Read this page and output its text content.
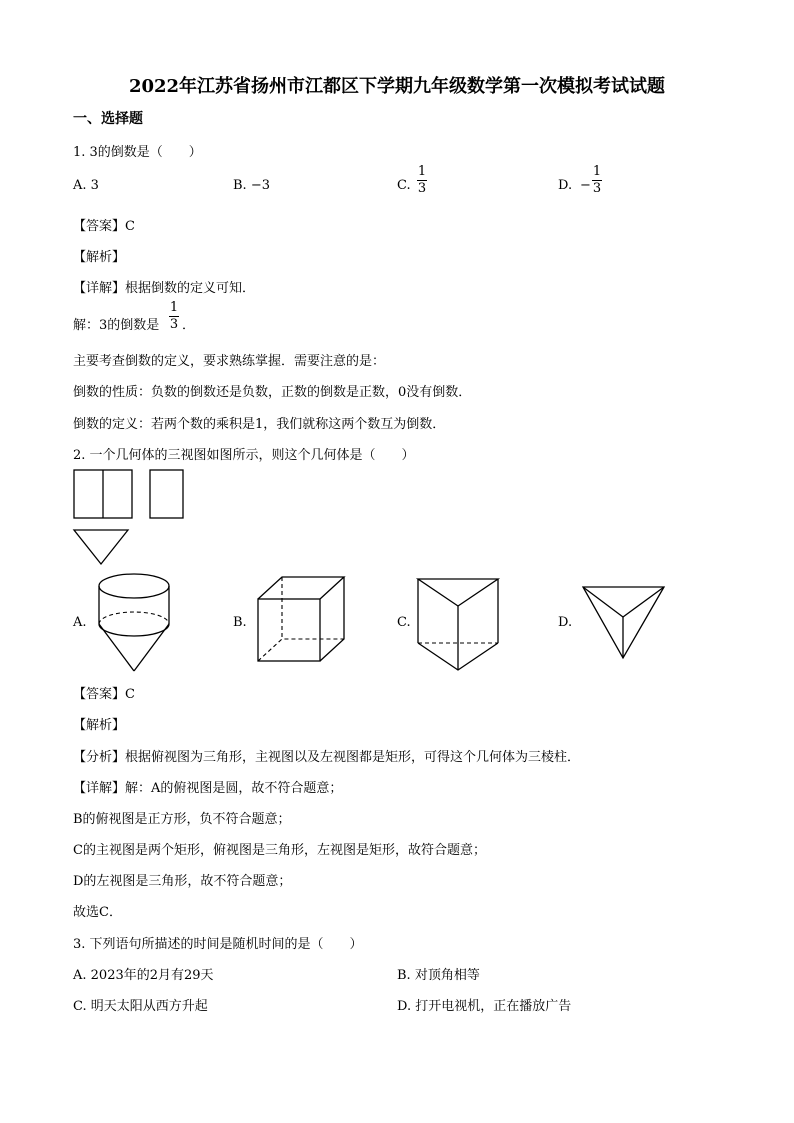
2022年江苏省扬州市江都区下学期九年级数学第一次模拟考试试题
一、选择题
1. 3的倒数是（　　）
A. 3	B. −3	C.
1
3	D. −
1
3
【答案】C
【解析】
【详解】根据倒数的定义可知．
解：3的倒数是
1
3 ．
主要考查倒数的定义，要求熟练掌握．需要注意的是：
倒数的性质：负数的倒数还是负数，正数的倒数是正数，0没有倒数．
倒数的定义：若两个数的乘积是1，我们就称这两个数互为倒数．
2. 一个几何体的三视图如图所示，则这个几何体是（　　）
A.	B.	C.	D.
【答案】C
【解析】
【分析】根据俯视图为三角形，主视图以及左视图都是矩形，可得这个几何体为三棱柱．
【详解】解：A的俯视图是圆，故不符合题意；
B的俯视图是正方形，负不符合题意；
C的主视图是两个矩形，俯视图是三角形，左视图是矩形，故符合题意；
D的左视图是三角形，故不符合题意；
故选C．
3. 下列语句所描述的时间是随机时间的是（　　）
A. 2023年的2月有29天	B. 对顶角相等
C. 明天太阳从西方升起	D. 打开电视机，正在播放广告
